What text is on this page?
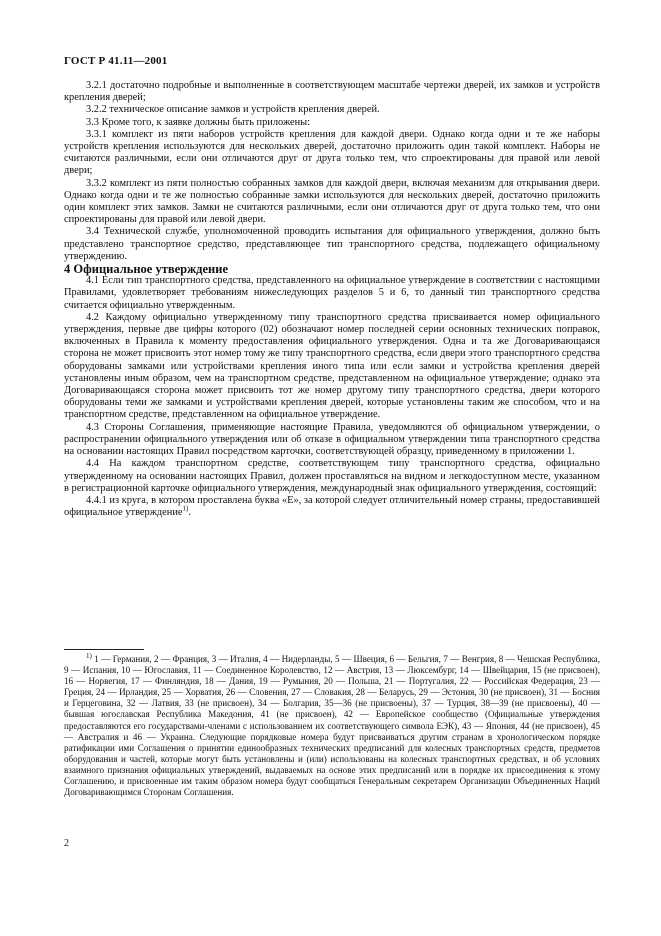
ГОСТ Р 41.11—2001

3.2.1 достаточно подробные и выполненные в соответствующем масштабе чертежи дверей, их замков и устройств крепления дверей;

3.2.2 техническое описание замков и устройств крепления дверей.

3.3 Кроме того, к заявке должны быть приложены:

3.3.1 комплект из пяти наборов устройств крепления для каждой двери. Однако когда одни и те же наборы устройств крепления используются для нескольких дверей, достаточно приложить один такой комплект. Наборы не считаются различными, если они отличаются друг от друга только тем, что спроектированы для правой или левой двери;

3.3.2 комплект из пяти полностью собранных замков для каждой двери, включая механизм для открывания двери. Однако когда одни и те же полностью собранные замки используются для нескольких дверей, достаточно приложить один комплект этих замков. Замки не считаются различными, если они отличаются друг от друга только тем, что они спроектированы для правой или левой двери.

3.4 Технической службе, уполномоченной проводить испытания для официального утверждения, должно быть представлено транспортное средство, представляющее тип транспортного средства, подлежащего официальному утверждению.

4 Официальное утверждение

4.1 Если тип транспортного средства, представленного на официальное утверждение в соответствии с настоящими Правилами, удовлетворяет требованиям нижеследующих разделов 5 и 6, то данный тип транспортного средства считается официально утвержденным.

4.2 Каждому официально утвержденному типу транспортного средства присваивается номер официального утверждения, первые две цифры которого (02) обозначают номер последней серии основных технических поправок, включенных в Правила к моменту предоставления официального утверждения. Одна и та же Договаривающаяся сторона не может присвоить этот номер тому же типу транспортного средства, если двери этого транспортного средства оборудованы замками или устройствами крепления иного типа или если замки и устройства крепления дверей установлены иным образом, чем на транспортном средстве, представленном на официальное утверждение; однако эта Договаривающаяся сторона может присвоить тот же номер другому типу транспортного средства, двери которого оборудованы теми же замками и устройствами крепления дверей, которые установлены таким же способом, что и на транспортном средстве, представленном на официальное утверждение.

4.3 Стороны Соглашения, применяющие настоящие Правила, уведомляются об официальном утверждении, о распространении официального утверждения или об отказе в официальном утверждении типа транспортного средства на основании настоящих Правил посредством карточки, соответствующей образцу, приведенному в приложении 1.

4.4 На каждом транспортном средстве, соответствующем типу транспортного средства, официально утвержденному на основании настоящих Правил, должен проставляться на видном и легкодоступном месте, указанном в регистрационной карточке официального утверждения, международный знак официального утверждения, состоящий:

4.4.1 из круга, в котором проставлена буква «Е», за которой следует отличительный номер страны, предоставившей официальное утверждение$^{1)}$.

$^{1)}$ 1 — Германия, 2 — Франция, 3 — Италия, 4 — Нидерланды, 5 — Швеция, 6 — Бельгия, 7 — Венгрия, 8 — Чешская Республика, 9 — Испания, 10 — Югославия, 11 — Соединенное Королевство, 12 — Австрия, 13 — Люксембург, 14 — Швейцария, 15 (не присвоен), 16 — Норвегия, 17 — Финляндия, 18 — Дания, 19 — Румыния, 20 — Польша, 21 — Португалия, 22 — Российская Федерация, 23 — Греция, 24 — Ирландия, 25 — Хорватия, 26 — Словения, 27 — Словакия, 28 — Беларусь, 29 — Эстония, 30 (не присвоен), 31 — Босния и Герцеговина, 32 — Латвия, 33 (не присвоен), 34 — Болгария, 35—36 (не присвоены), 37 — Турция, 38—39 (не присвоены), 40 — бывшая югославская Республика Македония, 41 (не присвоен), 42 — Европейское сообщество (Официальные утверждения предоставляются его государствами-членами с использованием их соответствующего символа ЕЭК), 43 — Япония, 44 (не присвоен), 45 — Австралия и 46 — Украина. Следующие порядковые номера будут присваиваться другим странам в хронологическом порядке ратификации ими Соглашения о принятии единообразных технических предписаний для колесных транспортных средств, предметов оборудования и частей, которые могут быть установлены и (или) использованы на колесных транспортных средствах, и об условиях взаимного признания официальных утверждений, выдаваемых на основе этих предписаний или в порядке их присоединения к этому Соглашению, и присвоенные им таким образом номера будут сообщаться Генеральным секретарем Организации Объединенных Наций Договаривающимся Сторонам Соглашения.

2
